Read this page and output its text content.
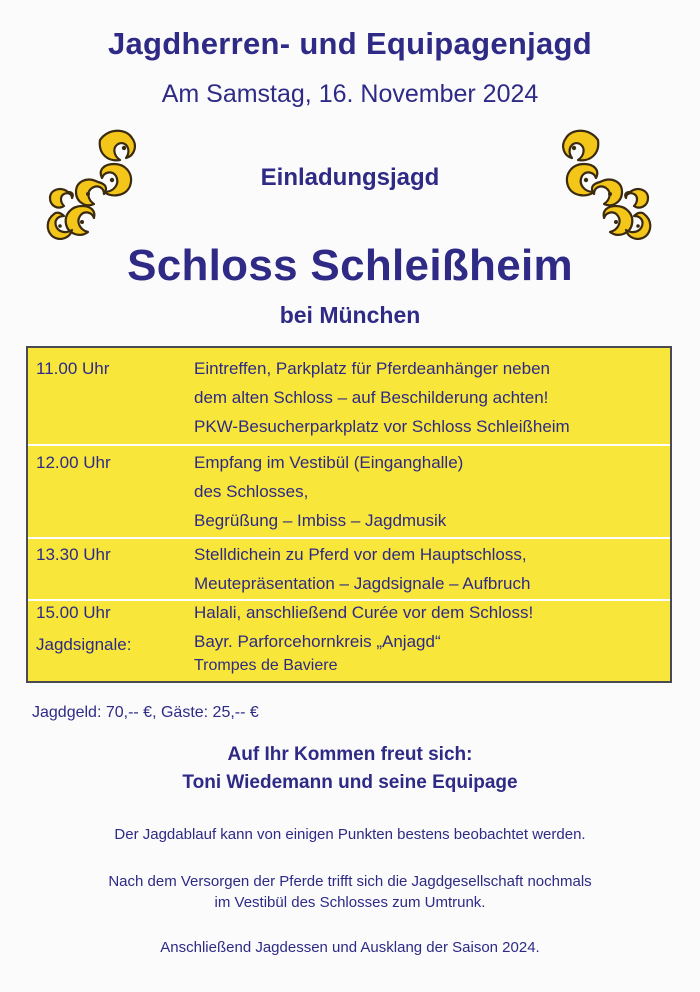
Jagdherren- und Equipagenjagd
Am Samstag, 16. November 2024
Einladungsjagd
Schloss Schleißheim
bei München
11.00 Uhr	Eintreffen, Parkplatz für Pferdeanhänger neben
dem alten Schloss – auf Beschilderung achten!
PKW-Besucherparkplatz vor Schloss Schleißheim
12.00 Uhr	Empfang im Vestibül (Einganghalle)
des Schlosses,
Begrüßung – Imbiss – Jagdmusik
13.30 Uhr	Stelldichein zu Pferd vor dem Hauptschloss,
Meutepräsentation – Jagdsignale – Aufbruch
15.00 Uhr	Halali, anschließend Curée vor dem Schloss!
Jagdsignale:	Bayr. Parforcehornkreis „Anjagd“
Trompes de Baviere
Jagdgeld: 70,-- €, Gäste: 25,-- €
Auf Ihr Kommen freut sich:
Toni Wiedemann und seine Equipage
Der Jagdablauf kann von einigen Punkten bestens beobachtet werden.
Nach dem Versorgen der Pferde trifft sich die Jagdgesellschaft nochmals
im Vestibül des Schlosses zum Umtrunk.
Anschließend Jagdessen und Ausklang der Saison 2024.
